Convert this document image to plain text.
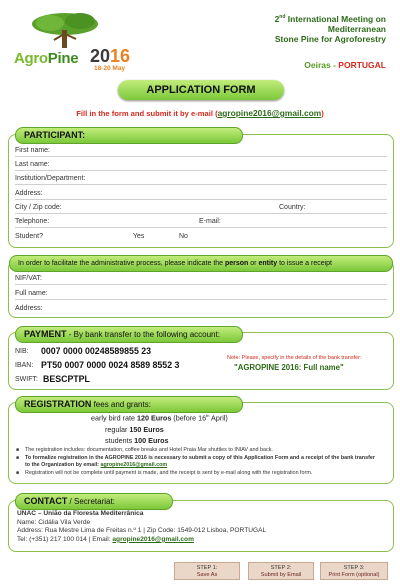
AgroPine 2016
18-20 May
2nd International Meeting on
Mediterranean
Stone Pine for Agroforestry
Oeiras - PORTUGAL
APPLICATION FORM
Fill in the form and submit it by e-mail (agropine2016@gmail.com)
PARTICIPANT:
First name:
Last name:
Institution/Department:
Address:
City / Zip code:	Country:
Telephone:	E-mail:
Student?	Yes	No
In order to facilitate the administrative process, please indicate the person or entity to issue a receipt
NIF/VAT:
Full name:
Address:
PAYMENT - By bank transfer to the following account:
NIB: 0007 0000 00248589855 23
IBAN: PT50 0007 0000 0024 8589 8552 3
SWIFT: BESCPTPL
Note: Please, specify in the details of the bank transfer:
"AGROPINE 2016: Full name"
REGISTRATION fees and grants:
early bird rate 120 Euros (before 16th April)
regular 150 Euros
students 100 Euros
■ The registration includes: documentation, coffee breaks and Hotel Praia Mar shuttles to INIAV and back.
■ To formalize registration in the AGROPINE 2016 is necessary to submit a copy of this Application Form and a receipt of the bank transfer to the Organization by email: agropine2016@gmail.com
■ Registration will not be complete until payment is made, and the receipt is sent by e-mail along with the registration form.
CONTACT / Secretariat:
UNAC – União da Floresta Mediterrânica
Name: Cidália Vila Verde
Address: Rua Mestre Lima de Freitas n.º 1 | Zip Code: 1549-012 Lisboa, PORTUGAL
Tel: (+351) 217 100 014 | Email: agropine2016@gmail.com
STEP 1:
Save As
STEP 2:
Submit by Email
STEP 3:
Print Form (optional)
